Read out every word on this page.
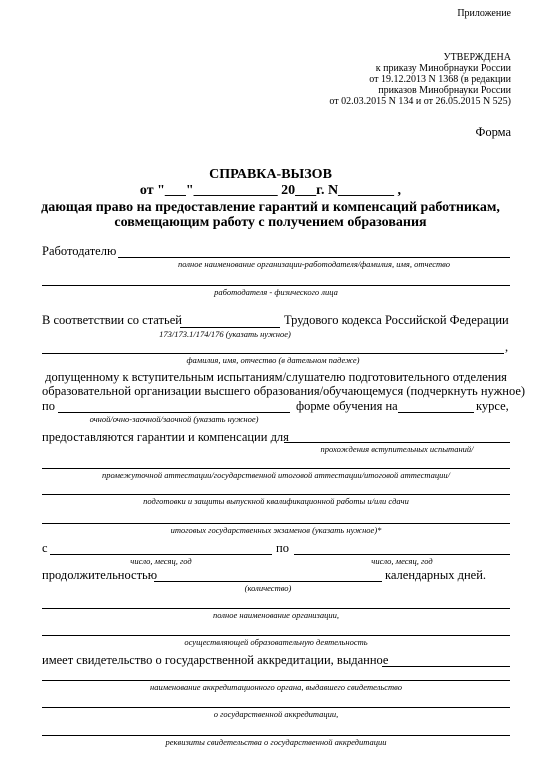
Приложение
УТВЕРЖДЕНА
к приказу Минобрнауки России
от 19.12.2013 N 1368 (в редакции
приказов Минобрнауки России
от 02.03.2015 N 134 и от 26.05.2015 N 525)
Форма
СПРАВКА-ВЫЗОВ
от "___"____________ 20___г. N________ ,
дающая право на предоставление гарантий и компенсаций работникам,
совмещающим работу с получением образования
Работодателю
полное наименование организации-работодателя/фамилия, имя, отчество
работодателя - физического лица
В соответствии со статьей	Трудового кодекса Российской Федерации
173/173.1/174/176 (указать нужное)
,
фамилия, имя, отчество (в дательном падеже)
допущенному к вступительным испытаниям/слушателю подготовительного отделения
образовательной организации высшего образования/обучающемуся (подчеркнуть нужное)
по	форме обучения на	курсе,
очной/очно-заочной/заочной (указать нужное)
предоставляются гарантии и компенсации для
прохождения вступительных испытаний/
промежуточной аттестации/государственной итоговой аттестации/итоговой аттестации/
подготовки и защиты выпускной квалификационной работы и/или сдачи
итоговых государственных экзаменов (указать нужное)*
с	по
число, месяц, год	число, месяц, год
продолжительностью	календарных дней.
(количество)
полное наименование организации,
осуществляющей образовательную деятельность
имеет свидетельство о государственной аккредитации, выданное
наименование аккредитационного органа, выдавшего свидетельство
о государственной аккредитации,
реквизиты свидетельства о государственной аккредитации
